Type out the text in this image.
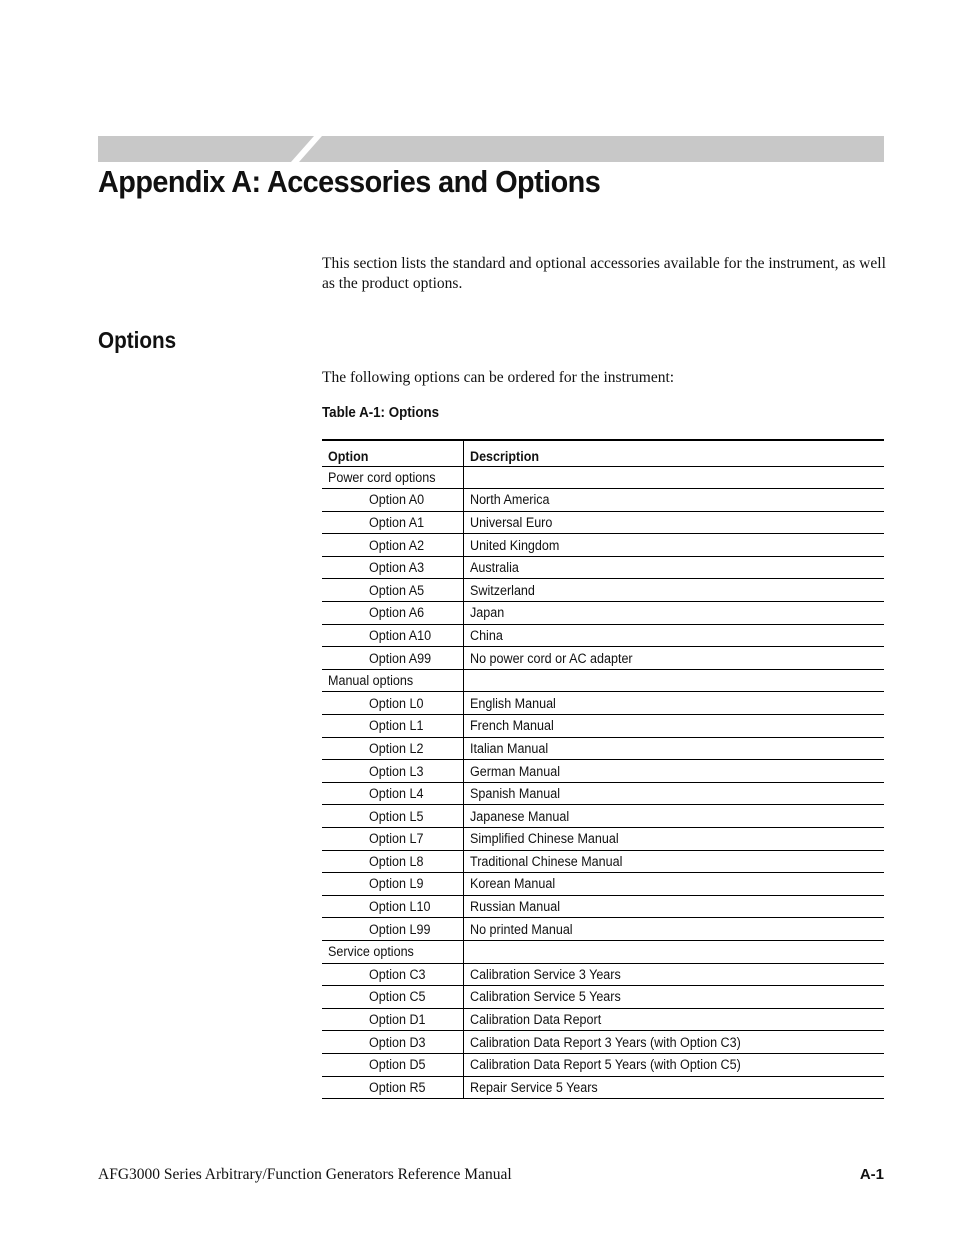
Appendix A: Accessories and Options

This section lists the standard and optional accessories available for the instrument, as well as the product options.

Options

The following options can be ordered for the instrument:

Table A-1: Options
Option	Description
Power cord options	
Option A0	North America
Option A1	Universal Euro
Option A2	United Kingdom
Option A3	Australia
Option A5	Switzerland
Option A6	Japan
Option A10	China
Option A99	No power cord or AC adapter
Manual options	
Option L0	English Manual
Option L1	French Manual
Option L2	Italian Manual
Option L3	German Manual
Option L4	Spanish Manual
Option L5	Japanese Manual
Option L7	Simplified Chinese Manual
Option L8	Traditional Chinese Manual
Option L9	Korean Manual
Option L10	Russian Manual
Option L99	No printed Manual
Service options	
Option C3	Calibration Service 3 Years
Option C5	Calibration Service 5 Years
Option D1	Calibration Data Report
Option D3	Calibration Data Report 3 Years (with Option C3)
Option D5	Calibration Data Report 5 Years (with Option C5)
Option R5	Repair Service 5 Years
AFG3000 Series Arbitrary/Function Generators Reference Manual	A-1
